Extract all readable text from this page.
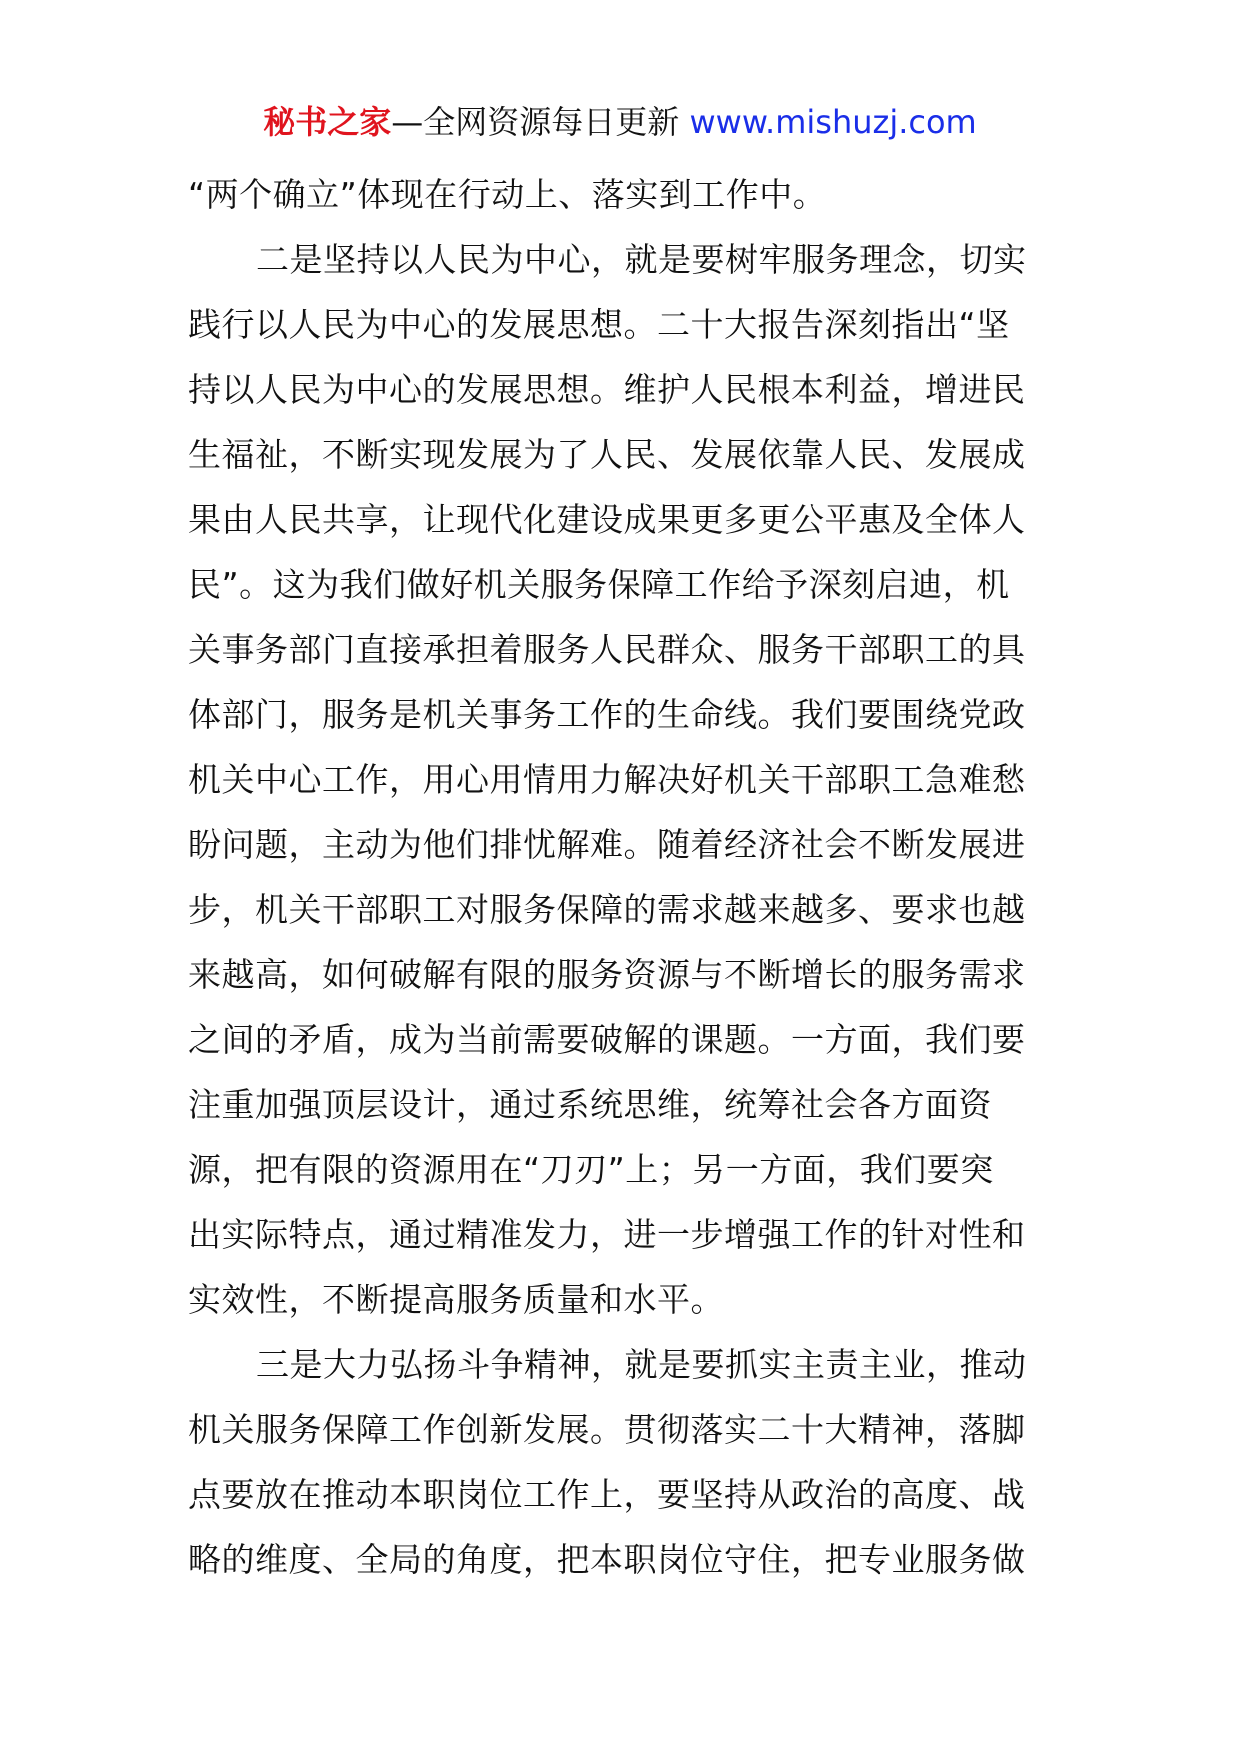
秘书之家—全网资源每日更新 www.mishuzj.com
“两个确立”体现在行动上、落实到工作中。
二是坚持以人民为中心，就是要树牢服务理念，切实
践行以人民为中心的发展思想。二十大报告深刻指出“坚
持以人民为中心的发展思想。维护人民根本利益，增进民
生福祉，不断实现发展为了人民、发展依靠人民、发展成
果由人民共享，让现代化建设成果更多更公平惠及全体人
民”。这为我们做好机关服务保障工作给予深刻启迪，机
关事务部门直接承担着服务人民群众、服务干部职工的具
体部门，服务是机关事务工作的生命线。我们要围绕党政
机关中心工作，用心用情用力解决好机关干部职工急难愁
盼问题，主动为他们排忧解难。随着经济社会不断发展进
步，机关干部职工对服务保障的需求越来越多、要求也越
来越高，如何破解有限的服务资源与不断增长的服务需求
之间的矛盾，成为当前需要破解的课题。一方面，我们要
注重加强顶层设计，通过系统思维，统筹社会各方面资
源，把有限的资源用在“刀刃”上；另一方面，我们要突
出实际特点，通过精准发力，进一步增强工作的针对性和
实效性，不断提高服务质量和水平。
三是大力弘扬斗争精神，就是要抓实主责主业，推动
机关服务保障工作创新发展。贯彻落实二十大精神，落脚
点要放在推动本职岗位工作上，要坚持从政治的高度、战
略的维度、全局的角度，把本职岗位守住，把专业服务做
